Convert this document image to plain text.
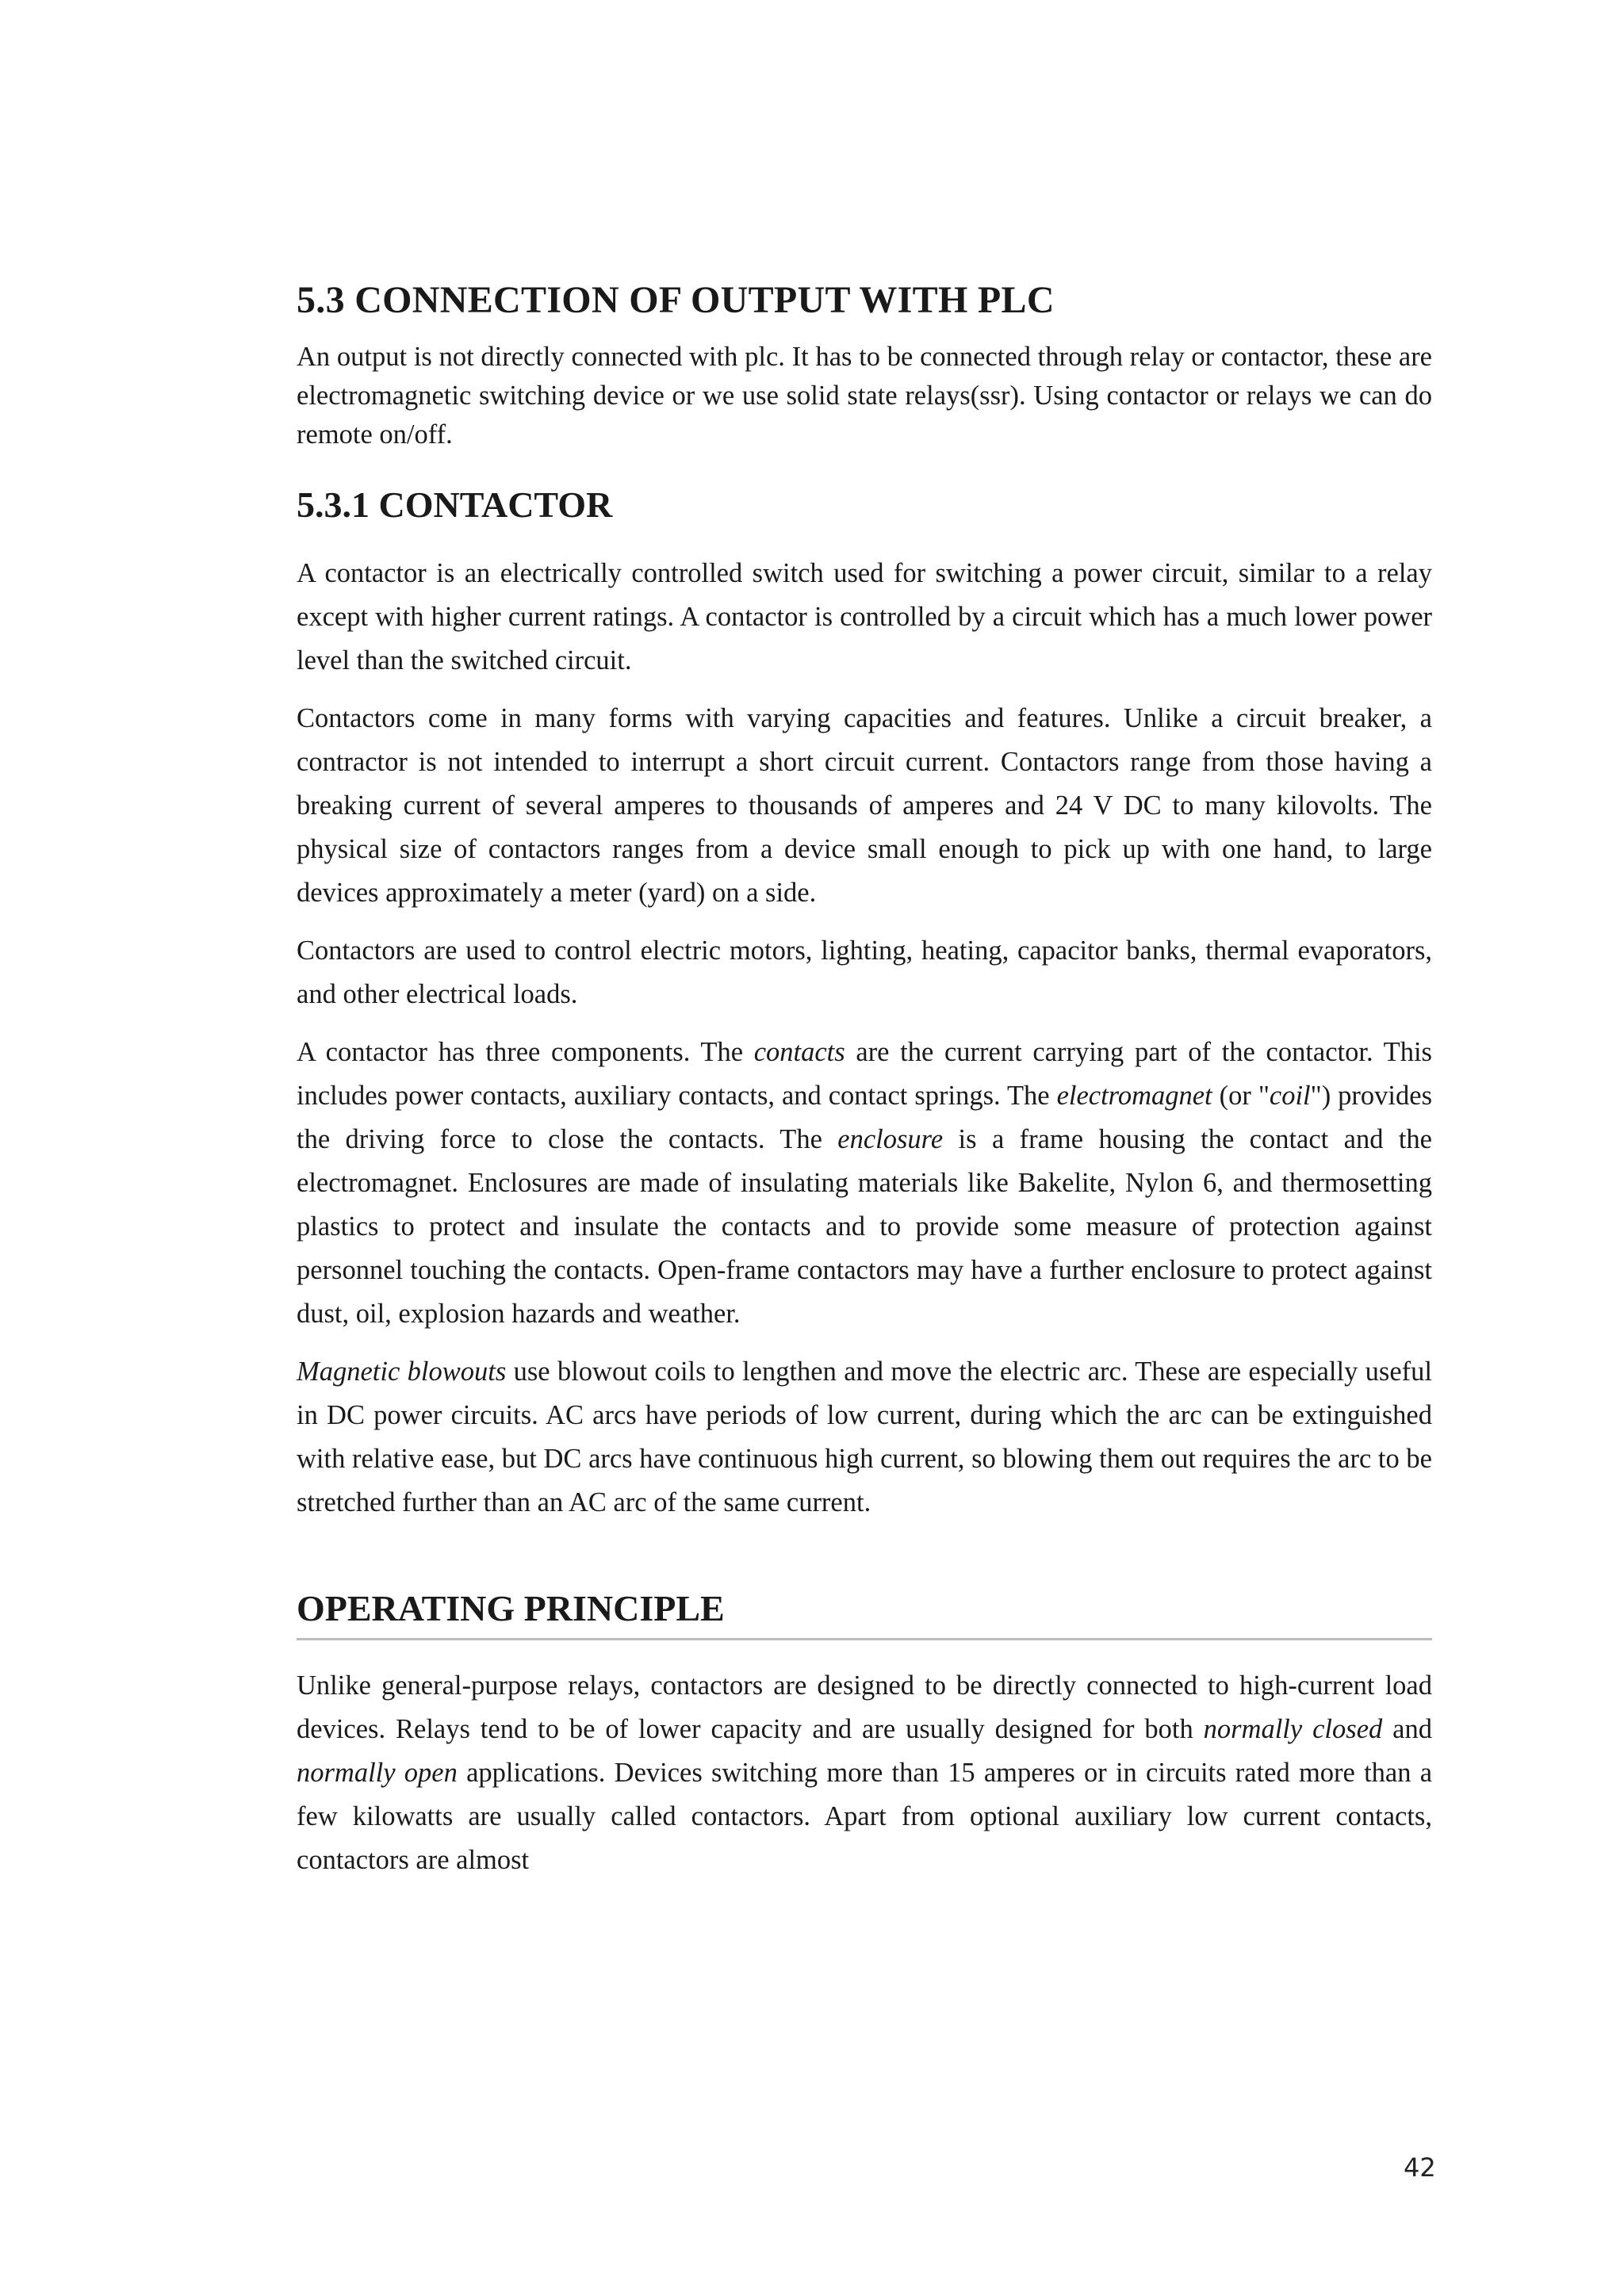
5.3 CONNECTION OF OUTPUT WITH PLC

An output is not directly connected with plc. It has to be connected through relay or contactor, these are electromagnetic switching device or we use solid state relays(ssr). Using contactor or relays we can do remote on/off.

5.3.1 CONTACTOR

A contactor is an electrically controlled switch used for switching a power circuit, similar to a relay except with higher current ratings. A contactor is controlled by a circuit which has a much lower power level than the switched circuit.

Contactors come in many forms with varying capacities and features. Unlike a circuit breaker, a contractor is not intended to interrupt a short circuit current. Contactors range from those having a breaking current of several amperes to thousands of amperes and 24 V DC to many kilovolts. The physical size of contactors ranges from a device small enough to pick up with one hand, to large devices approximately a meter (yard) on a side.

Contactors are used to control electric motors, lighting, heating, capacitor banks, thermal evaporators, and other electrical loads.

A contactor has three components. The contacts are the current carrying part of the contactor. This includes power contacts, auxiliary contacts, and contact springs. The electromagnet (or "coil") provides the driving force to close the contacts. The enclosure is a frame housing the contact and the electromagnet. Enclosures are made of insulating materials like Bakelite, Nylon 6, and thermosetting plastics to protect and insulate the contacts and to provide some measure of protection against personnel touching the contacts. Open-frame contactors may have a further enclosure to protect against dust, oil, explosion hazards and weather.

Magnetic blowouts use blowout coils to lengthen and move the electric arc. These are especially useful in DC power circuits. AC arcs have periods of low current, during which the arc can be extinguished with relative ease, but DC arcs have continuous high current, so blowing them out requires the arc to be stretched further than an AC arc of the same current.

OPERATING PRINCIPLE

Unlike general-purpose relays, contactors are designed to be directly connected to high-current load devices. Relays tend to be of lower capacity and are usually designed for both normally closed and normally open applications. Devices switching more than 15 amperes or in circuits rated more than a few kilowatts are usually called contactors. Apart from optional auxiliary low current contacts, contactors are almost

42
